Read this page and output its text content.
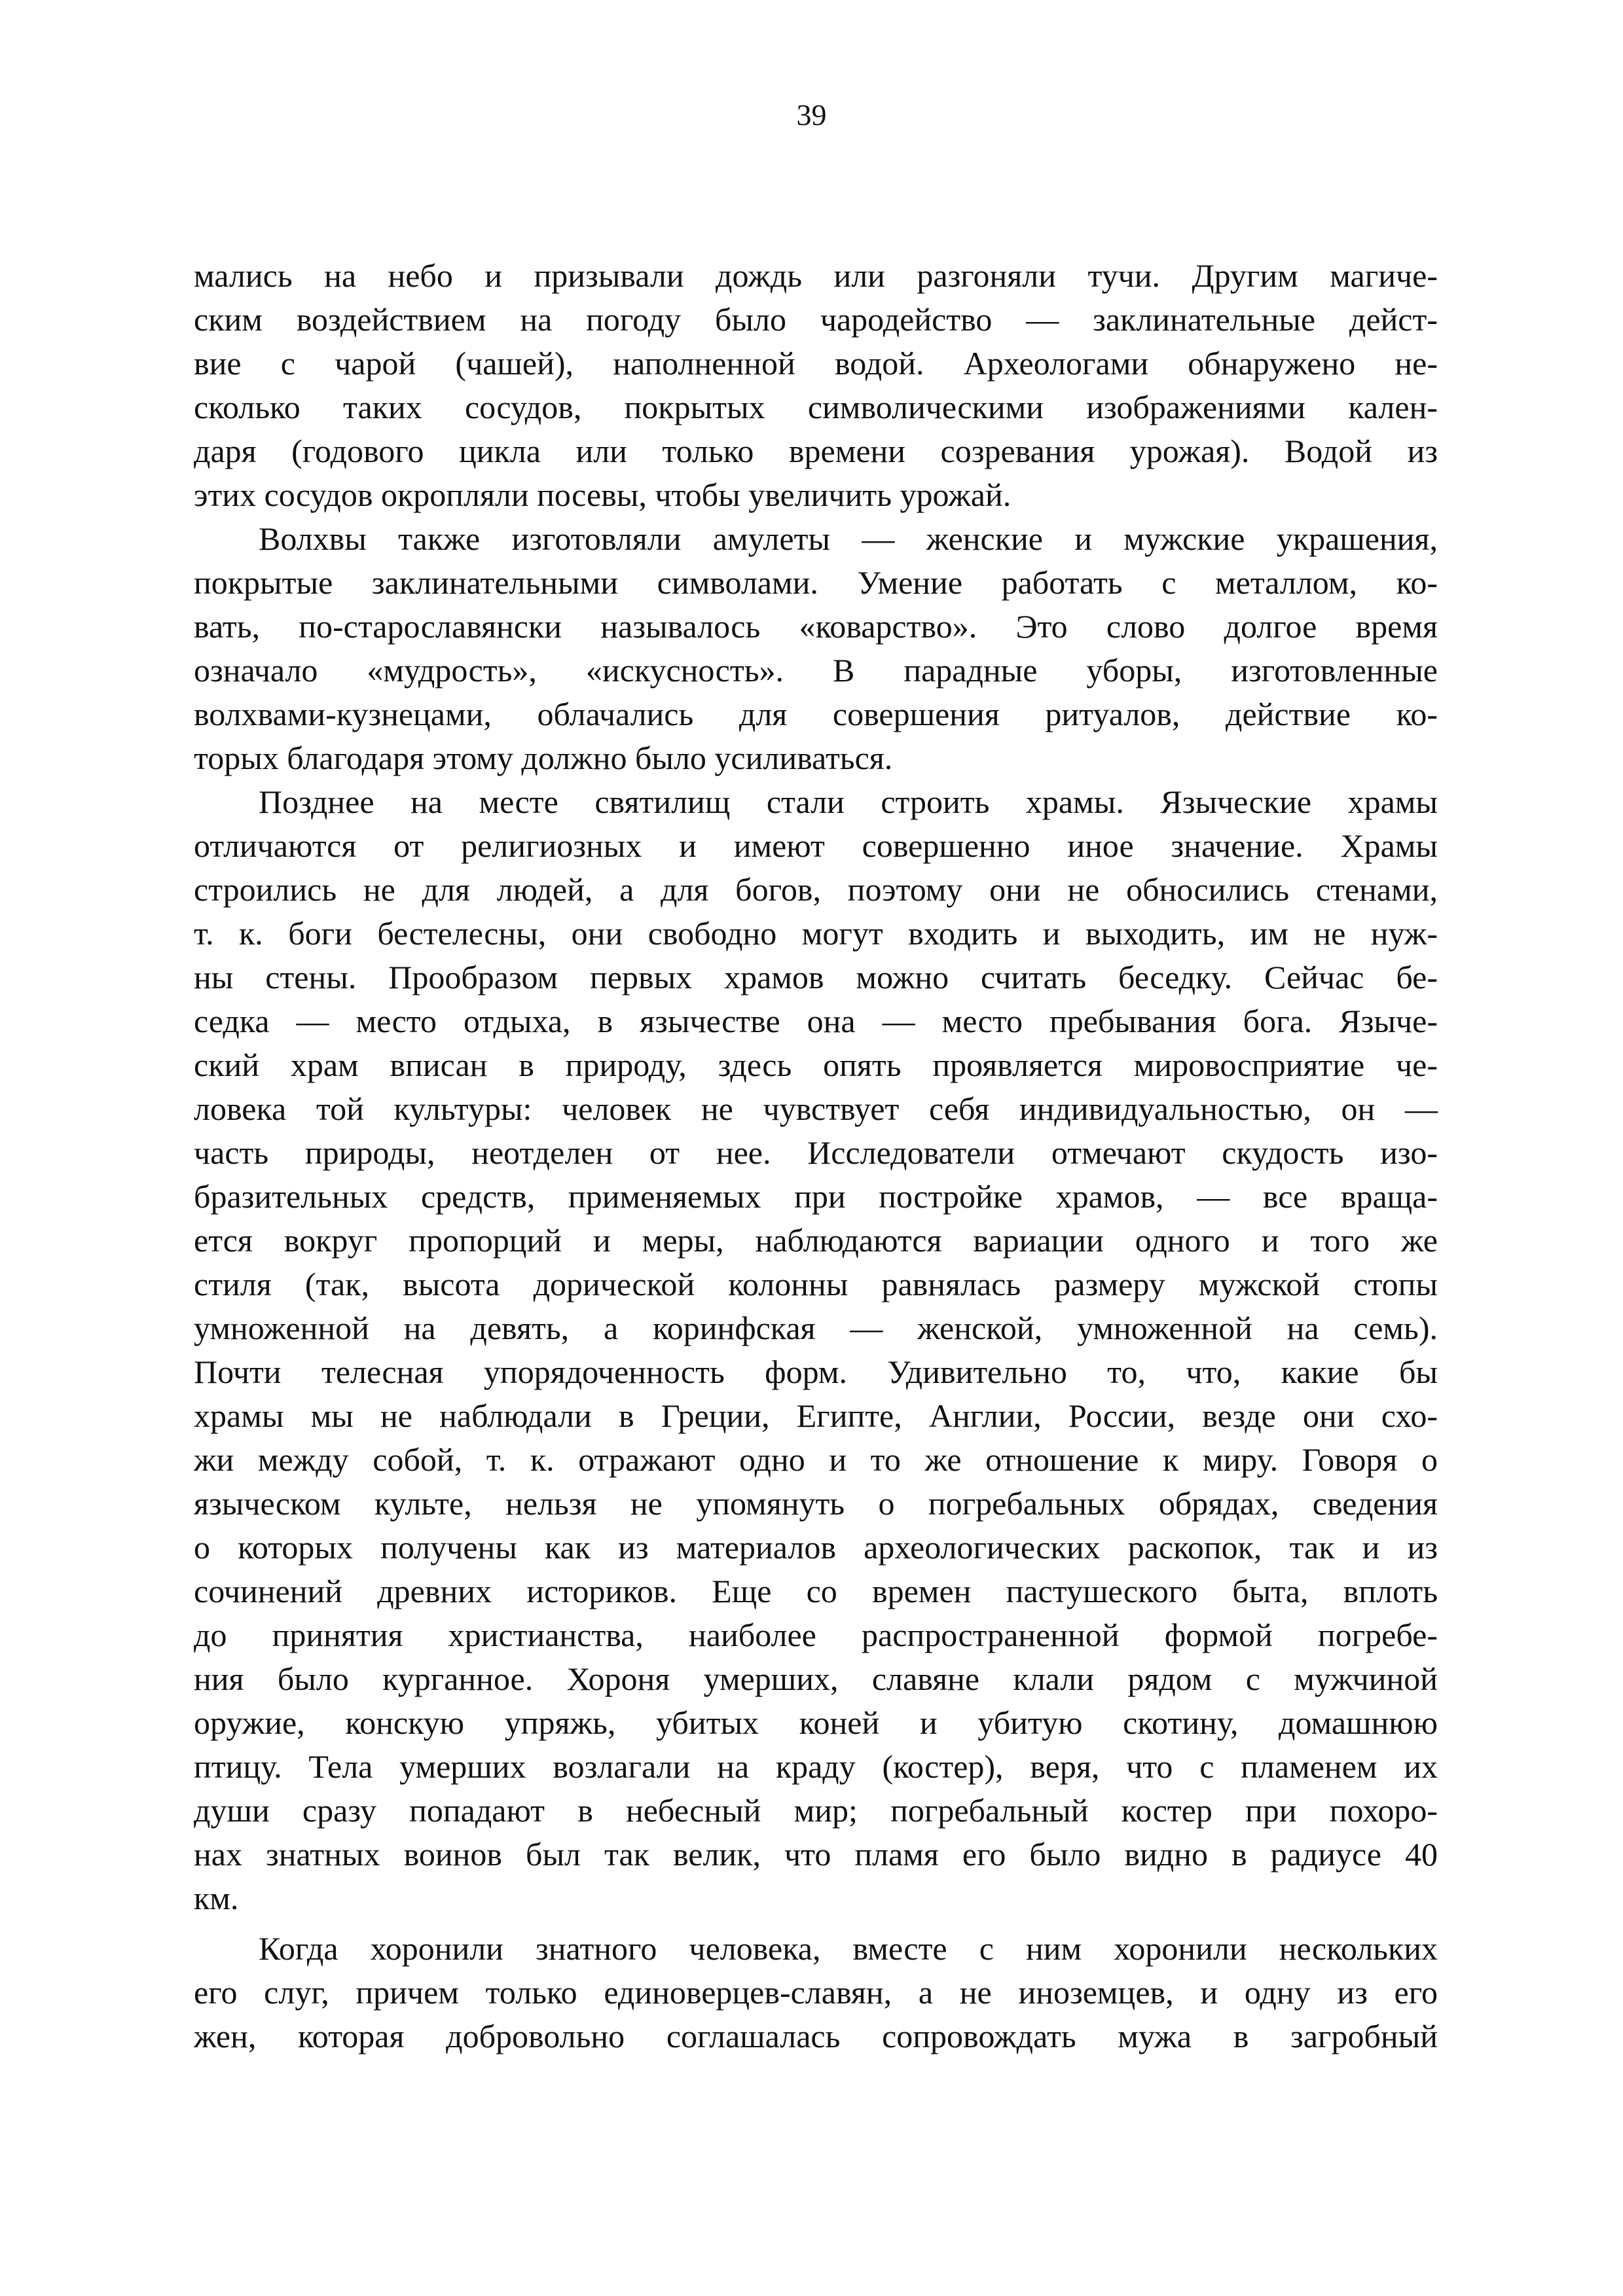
39

мались на небо и призывали дождь или разгоняли тучи. Другим магиче-
ским воздействием на погоду было чародейство — заклинательные дейст-
вие с чарой (чашей), наполненной водой. Археологами обнаружено не-
сколько таких сосудов, покрытых символическими изображениями кален-
даря (годового цикла или только времени созревания урожая). Водой из
этих сосудов окропляли посевы, чтобы увеличить урожай.

Волхвы также изготовляли амулеты — женские и мужские украшения,
покрытые заклинательными символами. Умение работать с металлом, ко-
вать, по-старославянски называлось «коварство». Это слово долгое время
означало «мудрость», «искусность». В парадные уборы, изготовленные
волхвами-кузнецами, облачались для совершения ритуалов, действие ко-
торых благодаря этому должно было усиливаться.

Позднее на месте святилищ стали строить храмы. Языческие храмы
отличаются от религиозных и имеют совершенно иное значение. Храмы
строились не для людей, а для богов, поэтому они не обносились стенами,
т. к. боги бестелесны, они свободно могут входить и выходить, им не нуж-
ны стены. Прообразом первых храмов можно считать беседку. Сейчас бе-
седка — место отдыха, в язычестве она — место пребывания бога. Языче-
ский храм вписан в природу, здесь опять проявляется мировосприятие че-
ловека той культуры: человек не чувствует себя индивидуальностью, он —
часть природы, неотделен от нее. Исследователи отмечают скудость изо-
бразительных средств, применяемых при постройке храмов, — все враща-
ется вокруг пропорций и меры, наблюдаются вариации одного и того же
стиля (так, высота дорической колонны равнялась размеру мужской стопы
умноженной на девять, а коринфская — женской, умноженной на семь).
Почти телесная упорядоченность форм. Удивительно то, что, какие бы
храмы мы не наблюдали в Греции, Египте, Англии, России, везде они схо-
жи между собой, т. к. отражают одно и то же отношение к миру. Говоря о
языческом культе, нельзя не упомянуть о погребальных обрядах, сведения
о которых получены как из материалов археологических раскопок, так и из
сочинений древних историков. Еще со времен пастушеского быта, вплоть
до принятия христианства, наиболее распространенной формой погребе-
ния было курганное. Хороня умерших, славяне клали рядом с мужчиной
оружие, конскую упряжь, убитых коней и убитую скотину, домашнюю
птицу. Тела умерших возлагали на краду (костер), веря, что с пламенем их
души сразу попадают в небесный мир; погребальный костер при похоро-
нах знатных воинов был так велик, что пламя его было видно в радиусе 40
км.

Когда хоронили знатного человека, вместе с ним хоронили нескольких
его слуг, причем только единоверцев-славян, а не иноземцев, и одну из его
жен, которая добровольно соглашалась сопровождать мужа в загробный
